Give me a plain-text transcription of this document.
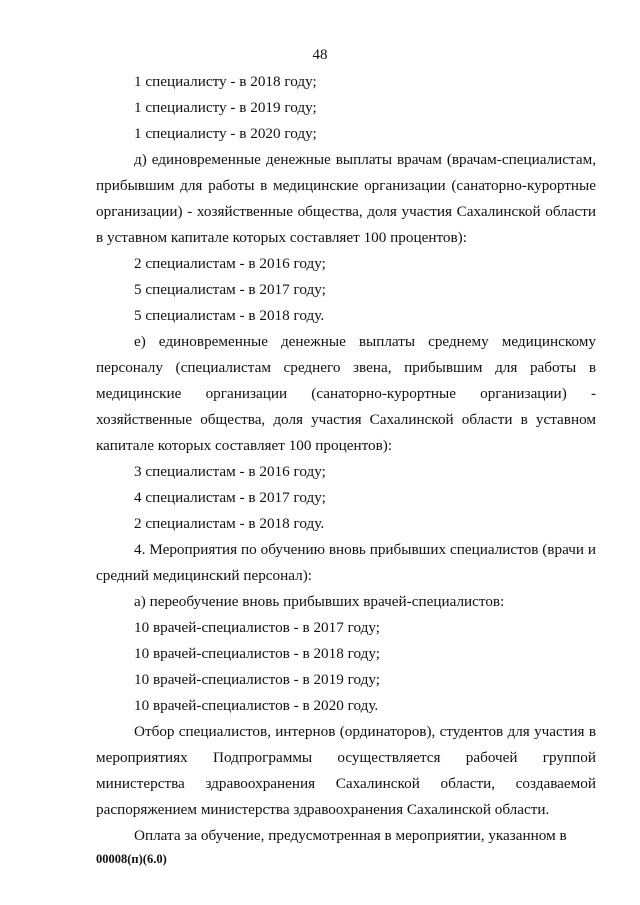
48

1 специалисту - в 2018 году;

1 специалисту - в 2019 году;

1 специалисту - в 2020 году;

д) единовременные денежные выплаты врачам (врачам-специалистам, прибывшим для работы в медицинские организации (санаторно-курортные организации) - хозяйственные общества, доля участия Сахалинской области в уставном капитале которых составляет 100 процентов):

2 специалистам - в 2016 году;

5 специалистам - в 2017 году;

5 специалистам - в 2018 году.

е) единовременные денежные выплаты среднему медицинскому персоналу (специалистам среднего звена, прибывшим для работы в медицинские организации (санаторно-курортные организации) - хозяйственные общества, доля участия Сахалинской области в уставном капитале которых составляет 100 процентов):

3 специалистам - в 2016 году;

4 специалистам - в 2017 году;

2 специалистам - в 2018 году.

4. Мероприятия по обучению вновь прибывших специалистов (врачи и средний медицинский персонал):

а) переобучение вновь прибывших врачей-специалистов:

10 врачей-специалистов - в 2017 году;

10 врачей-специалистов - в 2018 году;

10 врачей-специалистов - в 2019 году;

10 врачей-специалистов - в 2020 году.

Отбор специалистов, интернов (ординаторов), студентов для участия в мероприятиях Подпрограммы осуществляется рабочей группой министерства здравоохранения Сахалинской области, создаваемой распоряжением министерства здравоохранения Сахалинской области.

Оплата за обучение, предусмотренная в мероприятии, указанном в

00008(п)(6.0)
